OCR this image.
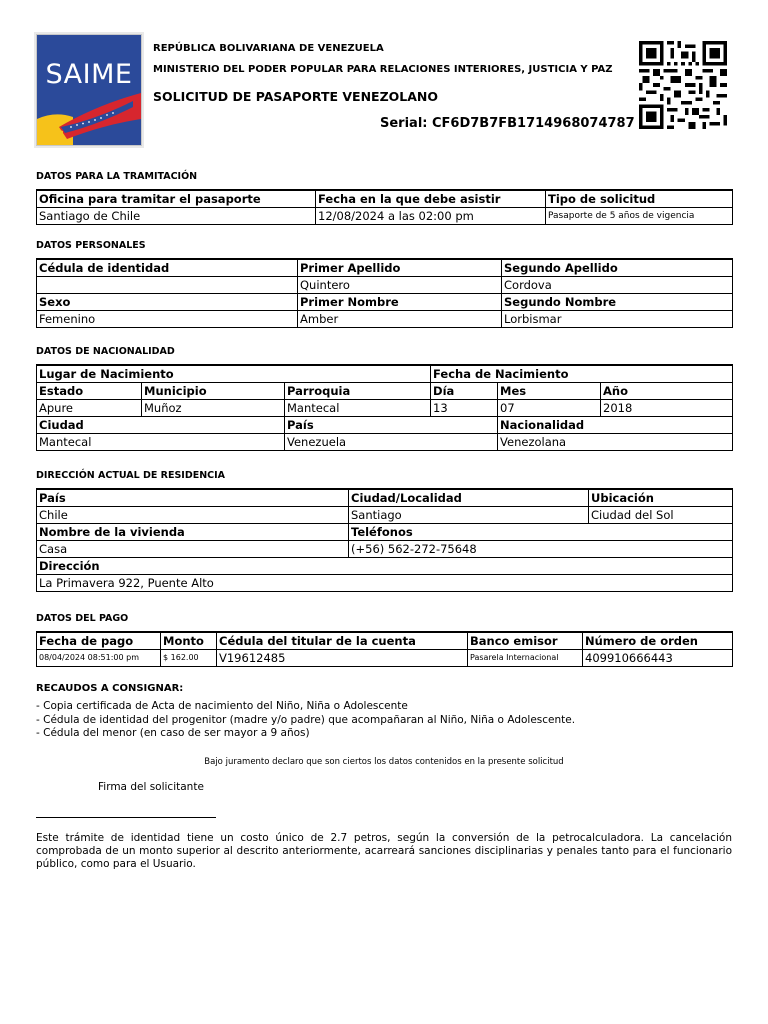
SAIME
REPÚBLICA BOLIVARIANA DE VENEZUELA
MINISTERIO DEL PODER POPULAR PARA RELACIONES INTERIORES, JUSTICIA Y PAZ
SOLICITUD DE PASAPORTE VENEZOLANO
Serial: CF6D7B7FB1714968074787
DATOS PARA LA TRAMITACIÓN
Oficina para tramitar el pasaporte	Fecha en la que debe asistir	Tipo de solicitud
Santiago de Chile	12/08/2024 a las 02:00 pm	Pasaporte de 5 años de vigencia
DATOS PERSONALES
Cédula de identidad	Primer Apellido	Segundo Apellido
	Quintero	Cordova
Sexo	Primer Nombre	Segundo Nombre
Femenino	Amber	Lorbismar
DATOS DE NACIONALIDAD
Lugar de Nacimiento			Fecha de Nacimiento		
Estado	Municipio	Parroquia	Día	Mes	Año
Apure	Muñoz	Mantecal	13	07	2018
Ciudad		País		Nacionalidad	
Mantecal		Venezuela		Venezolana	
DIRECCIÓN ACTUAL DE RESIDENCIA
País	Ciudad/Localidad	Ubicación
Chile	Santiago	Ciudad del Sol
Nombre de la vivienda	Teléfonos	
Casa	(+56) 562-272-75648	
Dirección		
La Primavera 922, Puente Alto		
DATOS DEL PAGO
Fecha de pago	Monto	Cédula del titular de la cuenta	Banco emisor	Número de orden
08/04/2024 08:51:00 pm	$ 162.00	V19612485	Pasarela Internacional	409910666443
RECAUDOS A CONSIGNAR:
- Copia certificada de Acta de nacimiento del Niño, Niña o Adolescente
- Cédula de identidad del progenitor (madre y/o padre) que acompañaran al Niño, Niña o Adolescente.
- Cédula del menor (en caso de ser mayor a 9 años)
Bajo juramento declaro que son ciertos los datos contenidos en la presente solicitud
Firma del solicitante
Este trámite de identidad tiene un costo único de 2.7 petros, según la conversión de la petrocalculadora. La cancelación comprobada de un monto superior al descrito anteriormente, acarreará sanciones disciplinarias y penales tanto para el funcionario público, como para el Usuario.
